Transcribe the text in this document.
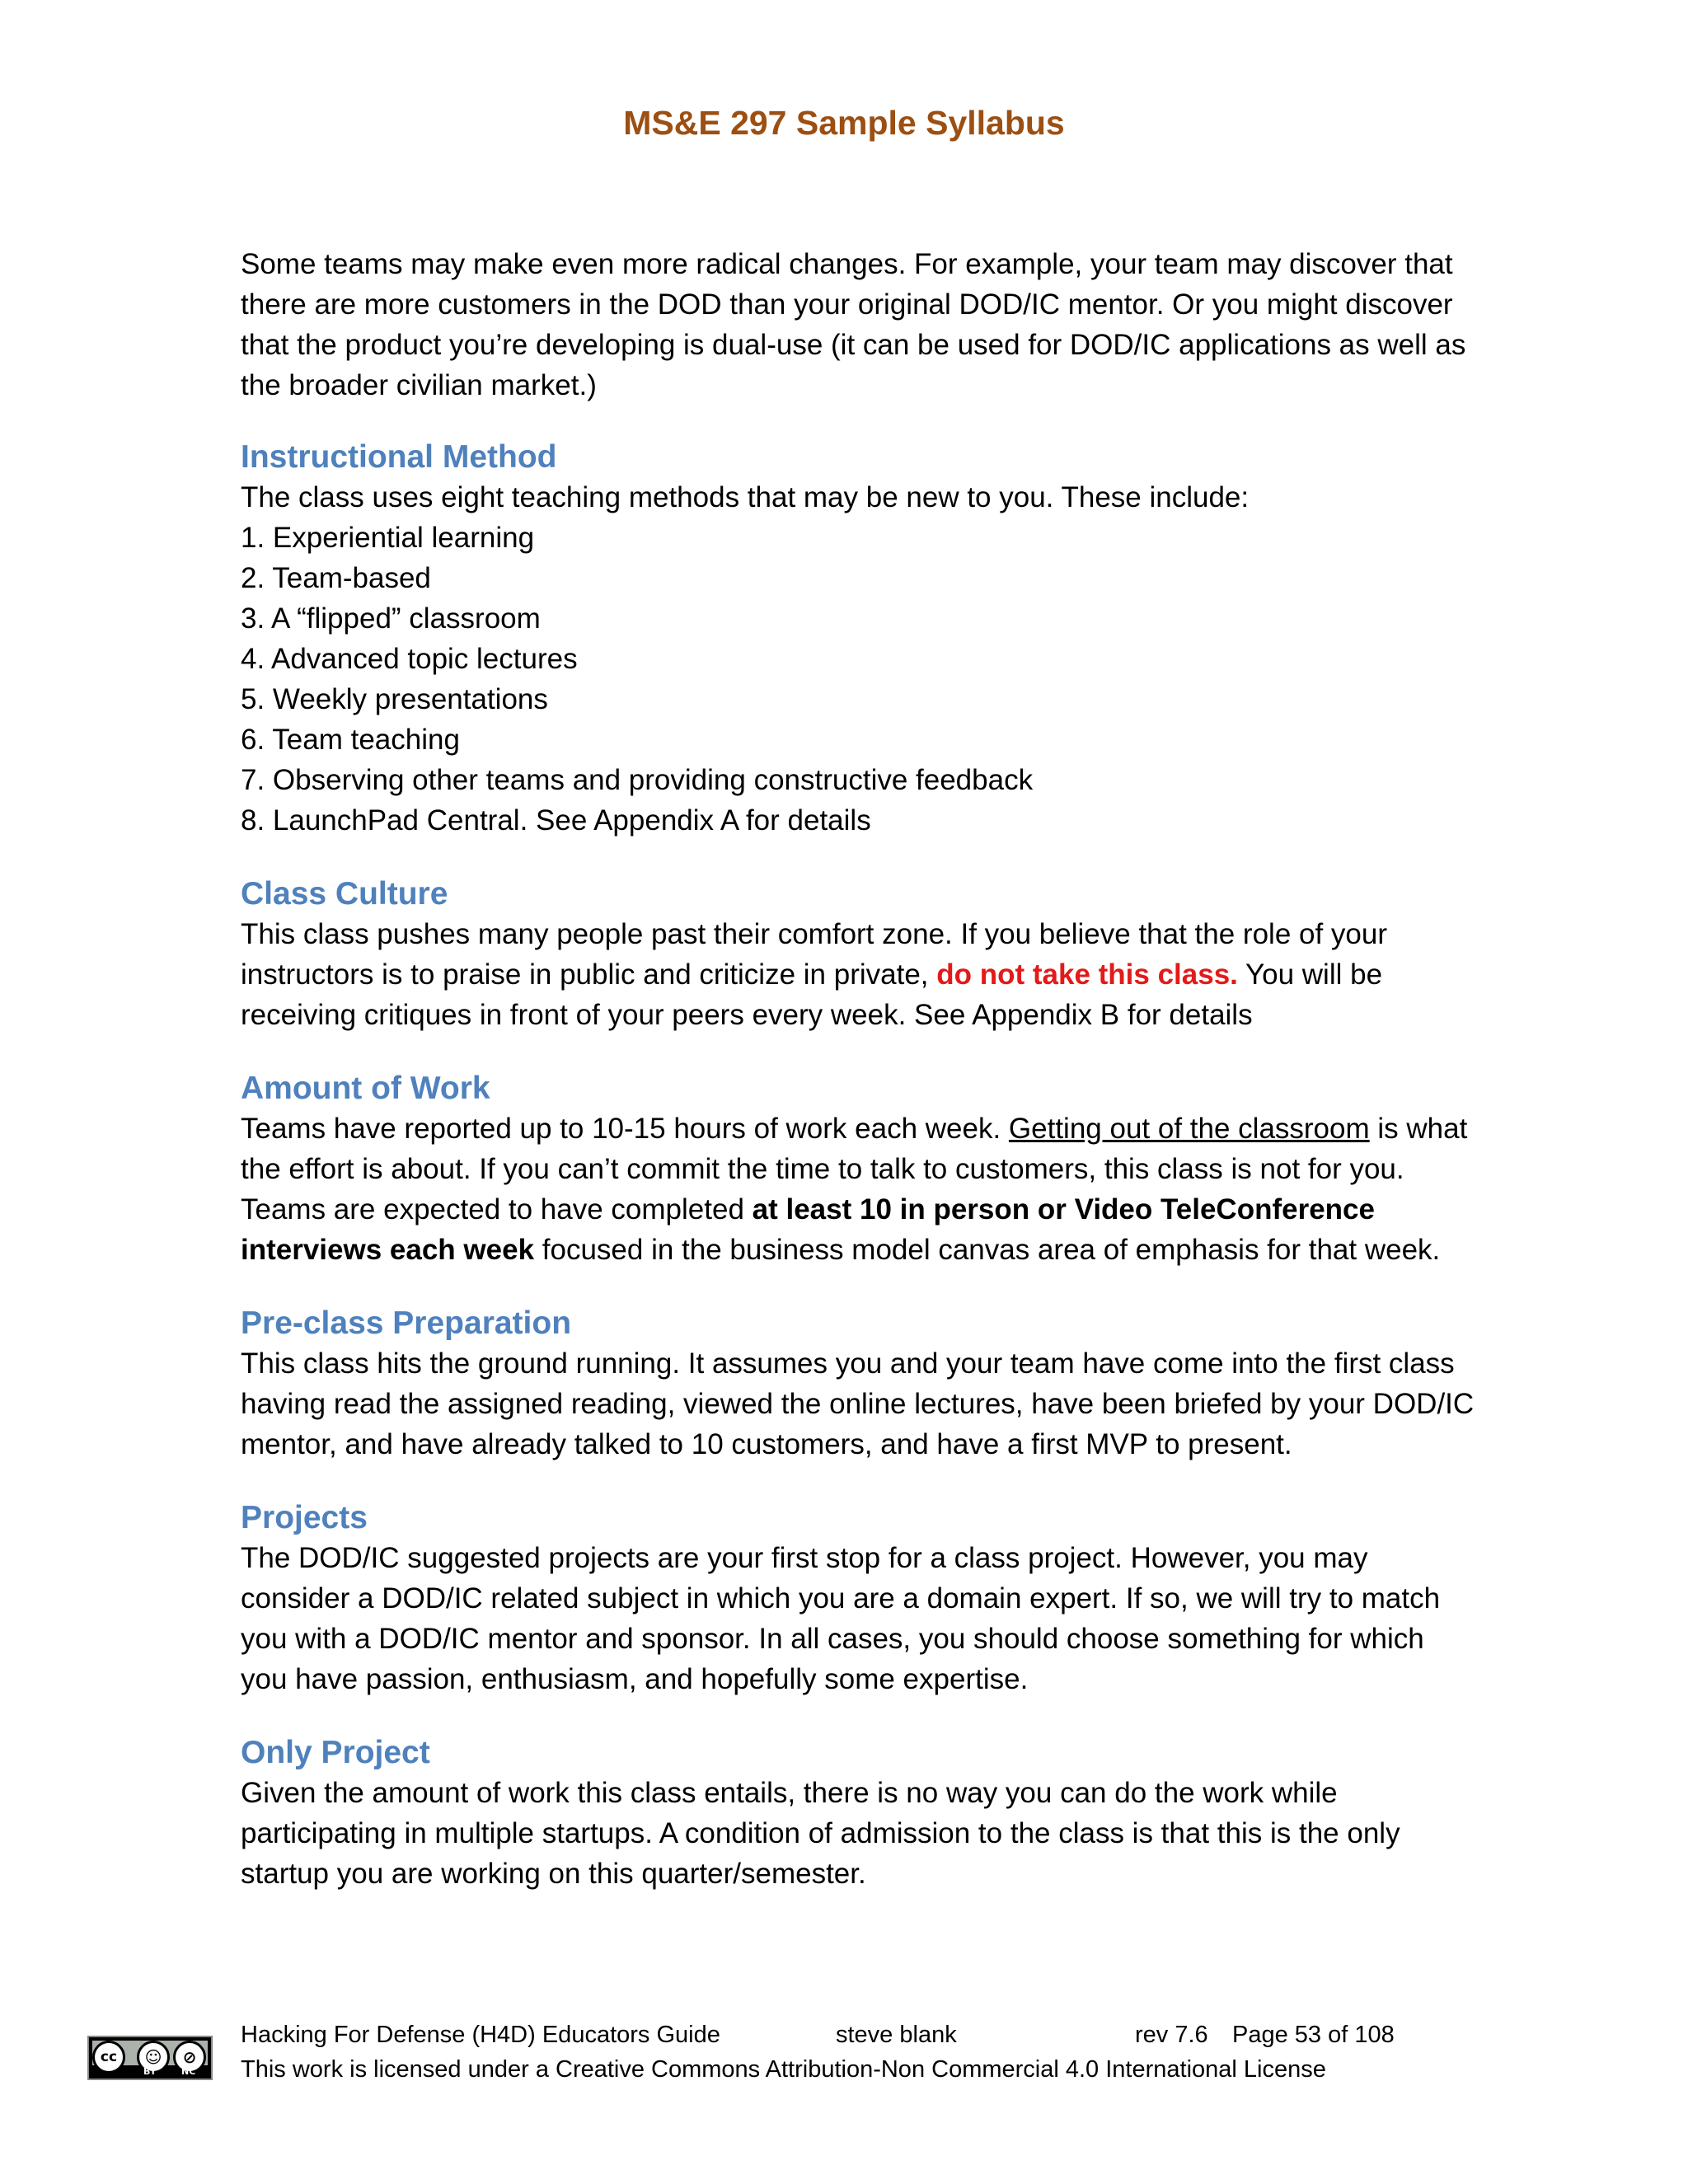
MS&E 297 Sample Syllabus

Some teams may make even more radical changes. For example, your team may discover that there are more customers in the DOD than your original DOD/IC mentor. Or you might discover that the product you’re developing is dual-use (it can be used for DOD/IC applications as well as the broader civilian market.)

Instructional Method

The class uses eight teaching methods that may be new to you. These include:

1. Experiential learning
2. Team-based
3. A “flipped” classroom
4. Advanced topic lectures
5. Weekly presentations
6. Team teaching
7. Observing other teams and providing constructive feedback
8. LaunchPad Central. See Appendix A for details
Class Culture

This class pushes many people past their comfort zone. If you believe that the role of your instructors is to praise in public and criticize in private, do not take this class. You will be receiving critiques in front of your peers every week. See Appendix B for details

Amount of Work

Teams have reported up to 10-15 hours of work each week. Getting out of the classroom is what the effort is about. If you can’t commit the time to talk to customers, this class is not for you. Teams are expected to have completed at least 10 in person or Video TeleConference interviews each week focused in the business model canvas area of emphasis for that week.

Pre-class Preparation

This class hits the ground running. It assumes you and your team have come into the first class having read the assigned reading, viewed the online lectures, have been briefed by your DOD/IC mentor, and have already talked to 10 customers, and have a first MVP to present.

Projects

The DOD/IC suggested projects are your first stop for a class project. However, you may consider a DOD/IC related subject in which you are a domain expert. If so, we will try to match you with a DOD/IC mentor and sponsor. In all cases, you should choose something for which you have passion, enthusiasm, and hopefully some expertise.

Only Project

Given the amount of work this class entails, there is no way you can do the work while participating in multiple startups. A condition of admission to the class is that this is the only startup you are working on this quarter/semester.

cc	☺	⊘
BY	NC
Hacking For Defense (H4D) Educators Guide	steve blank	rev 7.6 Page 53 of 108
This work is licensed under a Creative Commons Attribution-Non Commercial 4.0 International License
